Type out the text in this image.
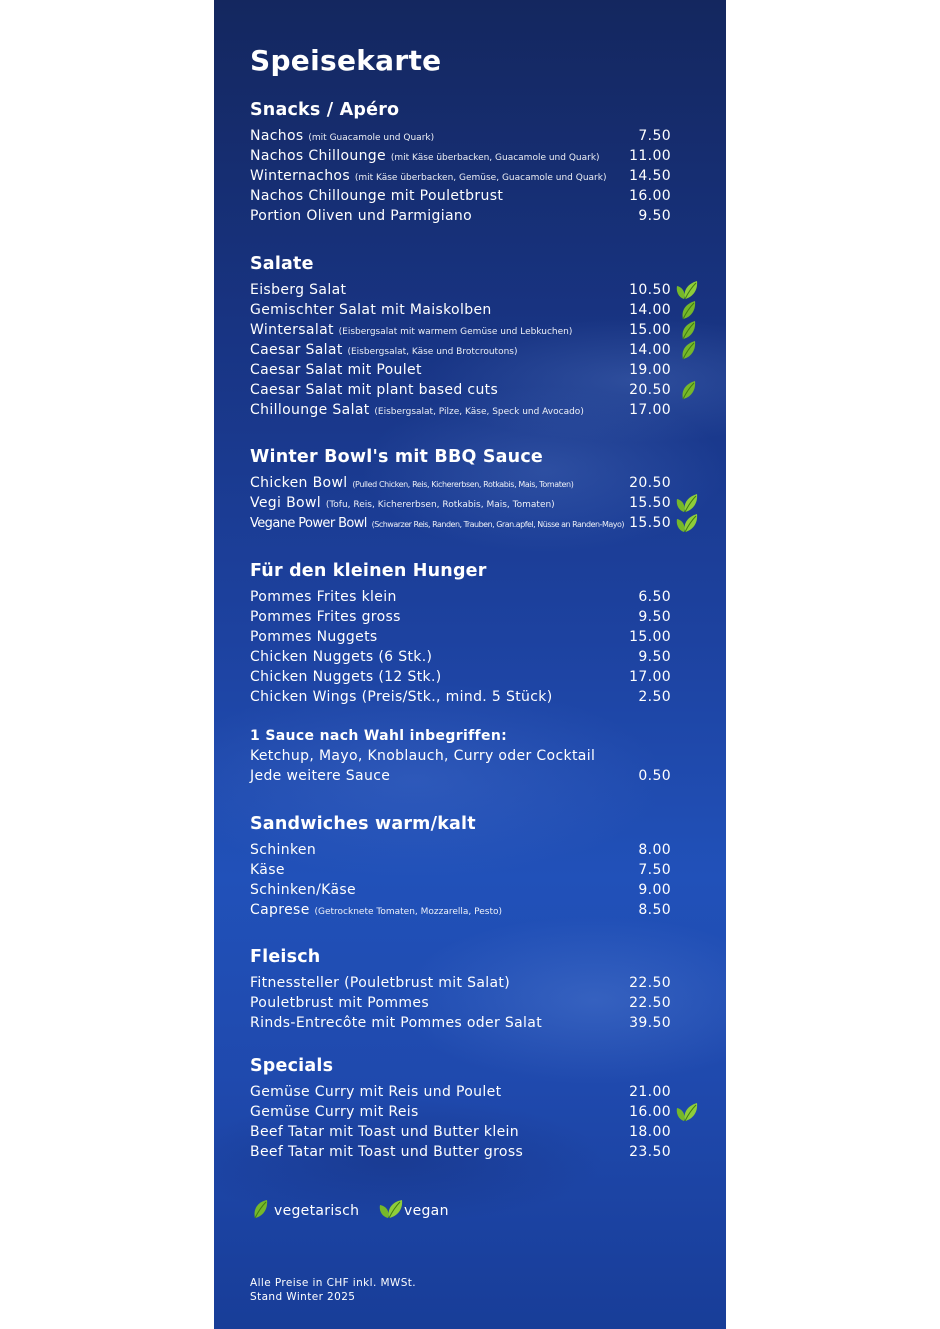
Speisekarte
Snacks / Apéro
Nachos (mit Guacamole und Quark)	7.50
Nachos Chillounge (mit Käse überbacken, Guacamole und Quark) 11.00
Winternachos (mit Käse überbacken, Gemüse, Guacamole und Quark) 14.50
Nachos Chillounge mit Pouletbrust	16.00
Portion Oliven und Parmigiano	9.50
Salate
Eisberg Salat	10.50
Gemischter Salat mit Maiskolben	14.00
Wintersalat (Eisbergsalat mit warmem Gemüse und Lebkuchen)	15.00
Caesar Salat (Eisbergsalat, Käse und Brotcroutons)	14.00
Caesar Salat mit Poulet	19.00
Caesar Salat mit plant based cuts	20.50
Chillounge Salat (Eisbergsalat, Pilze, Käse, Speck und Avocado)	17.00
Winter Bowl's mit BBQ Sauce
Chicken Bowl (Pulled Chicken, Reis, Kichererbsen, Rotkabis, Mais, Tomaten)	20.50
Vegi Bowl (Tofu, Reis, Kichererbsen, Rotkabis, Mais, Tomaten)	15.50
Vegane Power Bowl (Schwarzer Reis, Randen, Trauben, Gran.apfel, Nüsse an Randen-Mayo) 15.50
Für den kleinen Hunger
Pommes Frites klein	6.50
Pommes Frites gross	9.50
Pommes Nuggets	15.00
Chicken Nuggets (6 Stk.)	9.50
Chicken Nuggets (12 Stk.)	17.00
Chicken Wings (Preis/Stk., mind. 5 Stück)	2.50
1 Sauce nach Wahl inbegriffen:
Ketchup, Mayo, Knoblauch, Curry oder Cocktail
Jede weitere Sauce	0.50
Sandwiches warm/kalt
Schinken	8.00
Käse	7.50
Schinken/Käse	9.00
Caprese (Getrocknete Tomaten, Mozzarella, Pesto)	8.50
Fleisch
Fitnessteller (Pouletbrust mit Salat)	22.50
Pouletbrust mit Pommes	22.50
Rinds-Entrecôte mit Pommes oder Salat	39.50
Specials
Gemüse Curry mit Reis und Poulet	21.00
Gemüse Curry mit Reis	16.00
Beef Tatar mit Toast und Butter klein	18.00
Beef Tatar mit Toast und Butter gross	23.50
vegetarisch	vegan
Alle Preise in CHF inkl. MWSt.
Stand Winter 2025
